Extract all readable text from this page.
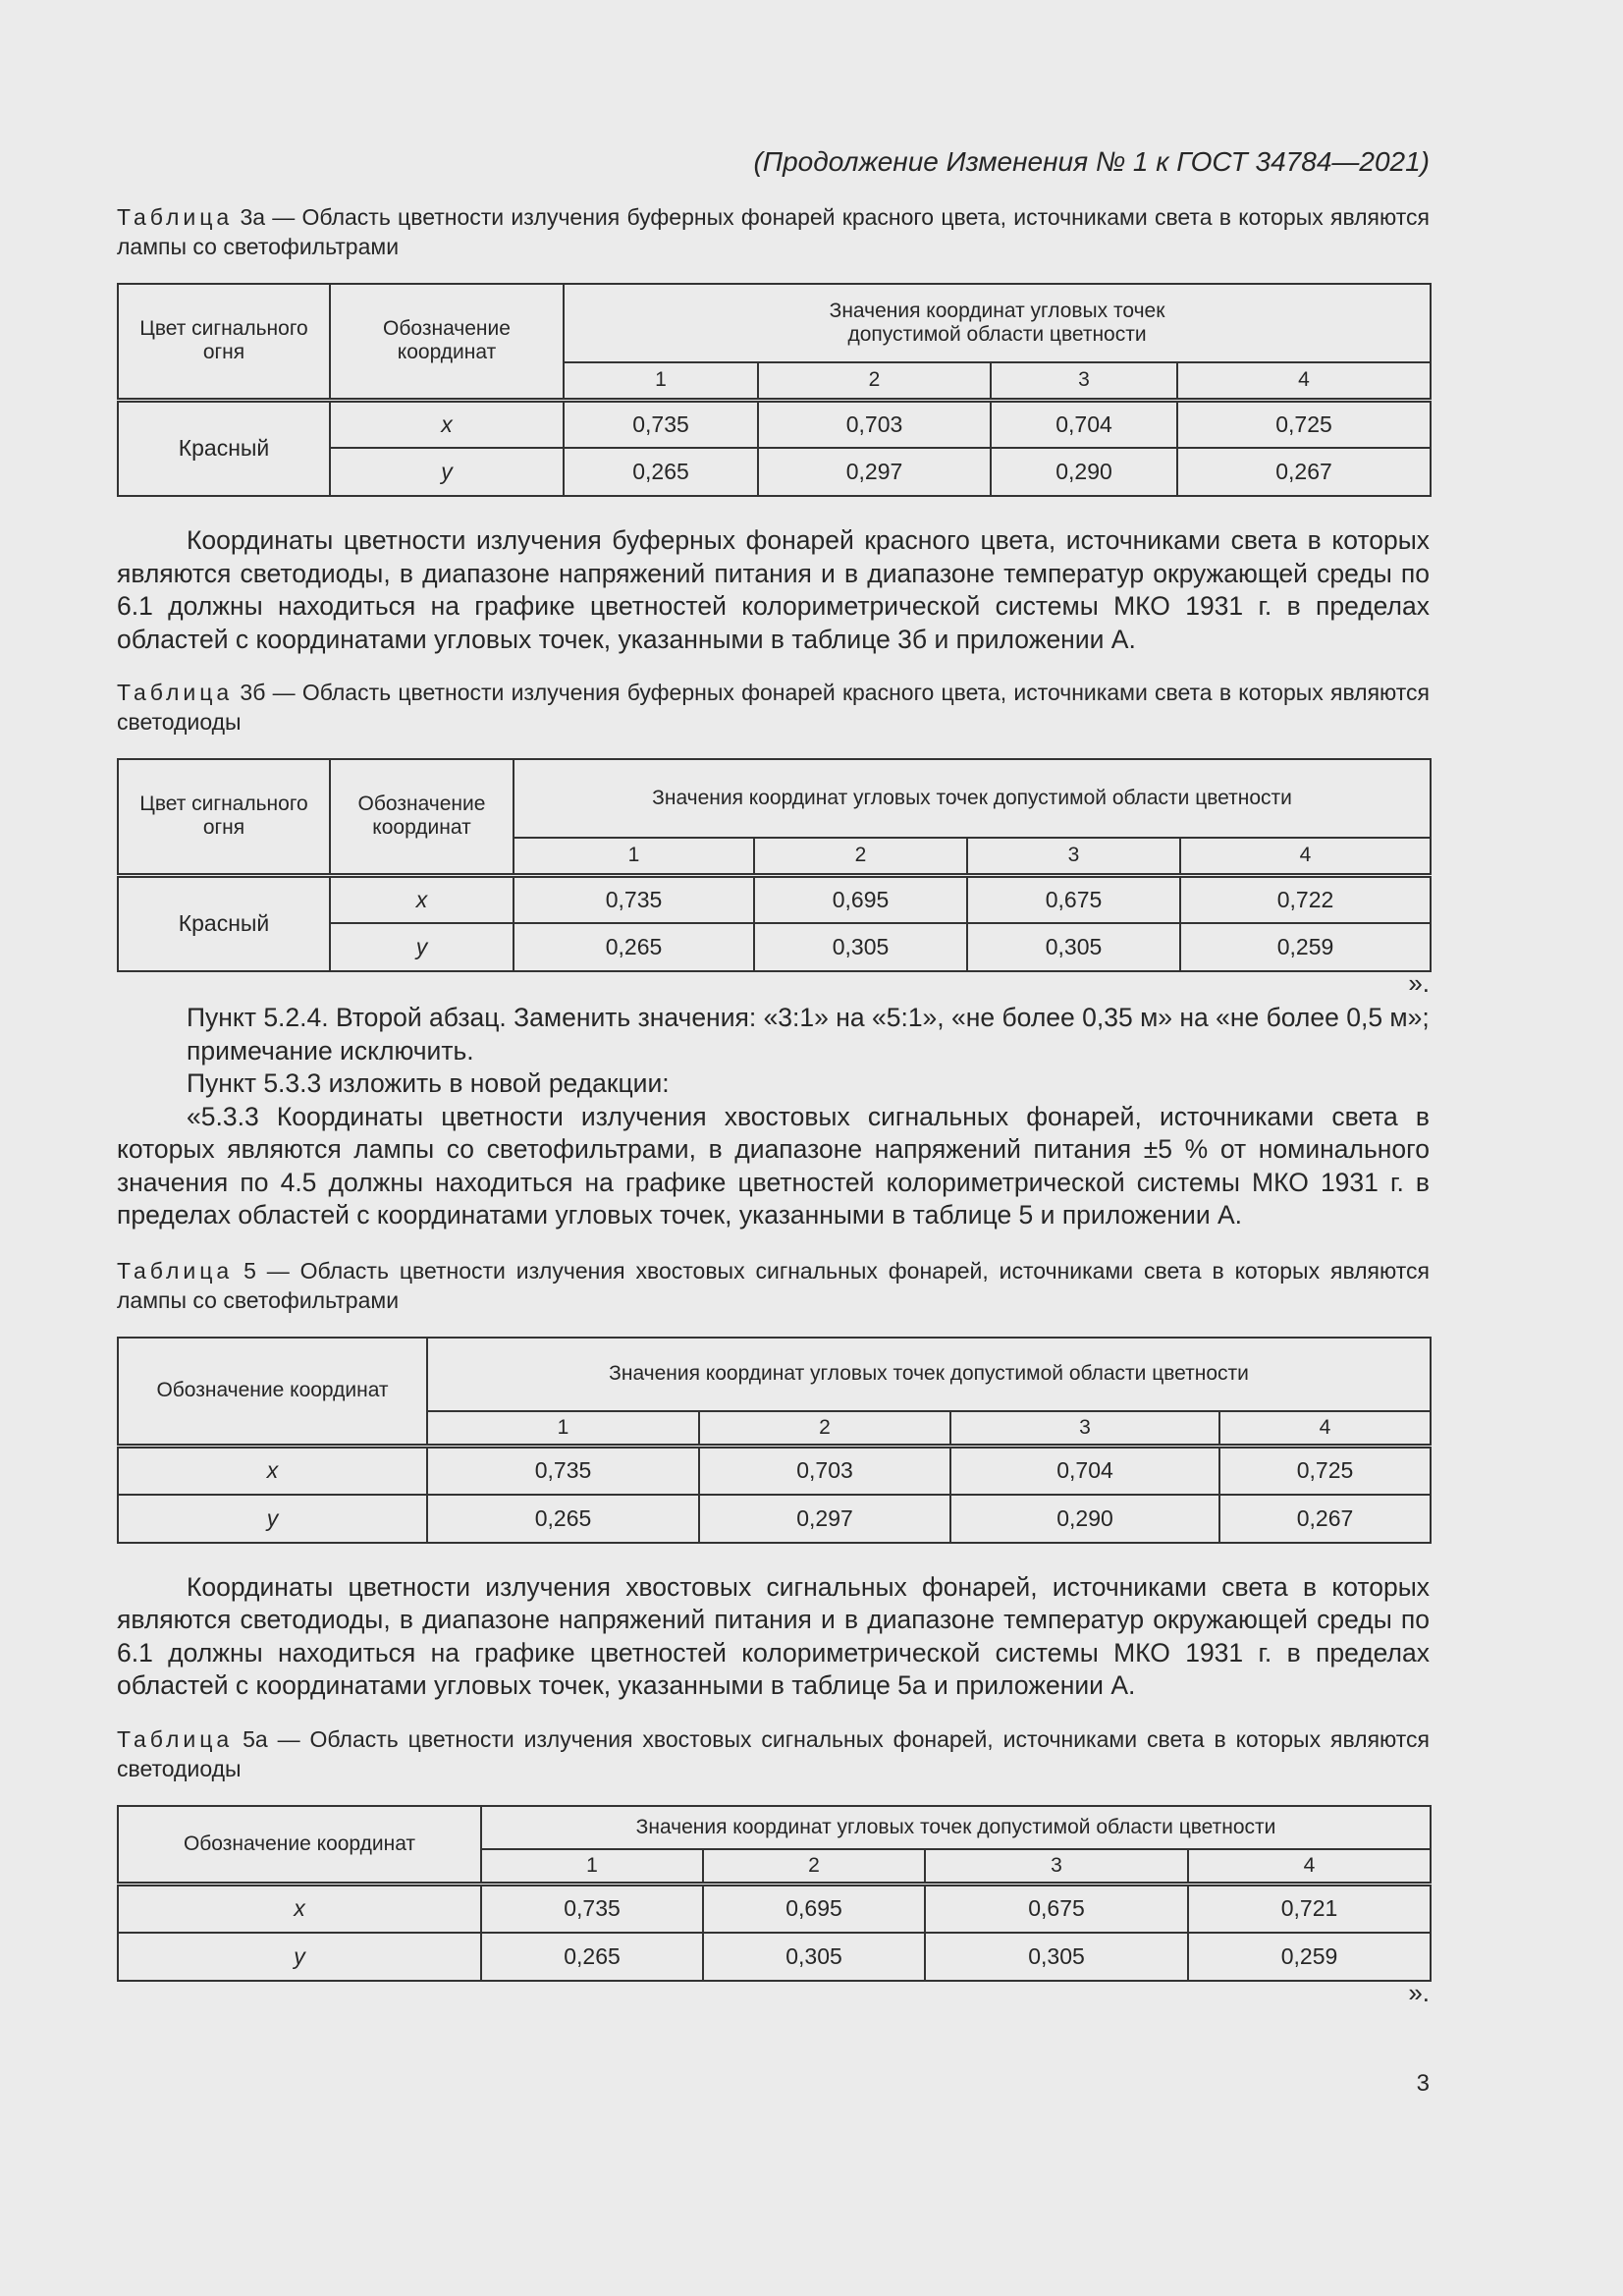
(Продолжение Изменения № 1 к ГОСТ 34784—2021)

Таблица 3а — Область цветности излучения буферных фонарей красного цвета, источниками света в которых являются лампы со светофильтрами

Цвет сигнального огня	Обозначение координат	Значения координат угловых точек допустимой области цветности			
		1	2	3	4
Красный	x	0,735	0,703	0,704	0,725
	y	0,265	0,297	0,290	0,267

Координаты цветности излучения буферных фонарей красного цвета, источниками света в которых являются светодиоды, в диапазоне напряжений питания и в диапазоне температур окружающей среды по 6.1 должны находиться на графике цветностей колориметрической системы МКО 1931 г. в пределах областей с координатами угловых точек, указанными в таблице 3б и приложении А.

Таблица 3б — Область цветности излучения буферных фонарей красного цвета, источниками света в которых являются светодиоды

Цвет сигнального огня	Обозначение координат	Значения координат угловых точек допустимой области цветности			
		1	2	3	4
Красный	x	0,735	0,695	0,675	0,722
	y	0,265	0,305	0,305	0,259
».

Пункт 5.2.4. Второй абзац. Заменить значения: «3:1» на «5:1», «не более 0,35 м» на «не более 0,5 м»;

примечание исключить.

Пункт 5.3.3 изложить в новой редакции:

«5.3.3 Координаты цветности излучения хвостовых сигнальных фонарей, источниками света в которых являются лампы со светофильтрами, в диапазоне напряжений питания ±5 % от номинального значения по 4.5 должны находиться на графике цветностей колориметрической системы МКО 1931 г. в пределах областей с координатами угловых точек, указанными в таблице 5 и приложении А.

Таблица 5 — Область цветности излучения хвостовых сигнальных фонарей, источниками света в которых являются лампы со светофильтрами

Обозначение координат	Значения координат угловых точек допустимой области цветности			
	1	2	3	4
x	0,735	0,703	0,704	0,725
y	0,265	0,297	0,290	0,267

Координаты цветности излучения хвостовых сигнальных фонарей, источниками света в которых являются светодиоды, в диапазоне напряжений питания и в диапазоне температур окружающей среды по 6.1 должны находиться на графике цветностей колориметрической системы МКО 1931 г. в пределах областей с координатами угловых точек, указанными в таблице 5а и приложении А.

Таблица 5а — Область цветности излучения хвостовых сигнальных фонарей, источниками света в которых являются светодиоды

Обозначение координат	Значения координат угловых точек допустимой области цветности			
	1	2	3	4
x	0,735	0,695	0,675	0,721
y	0,265	0,305	0,305	0,259
».
3
